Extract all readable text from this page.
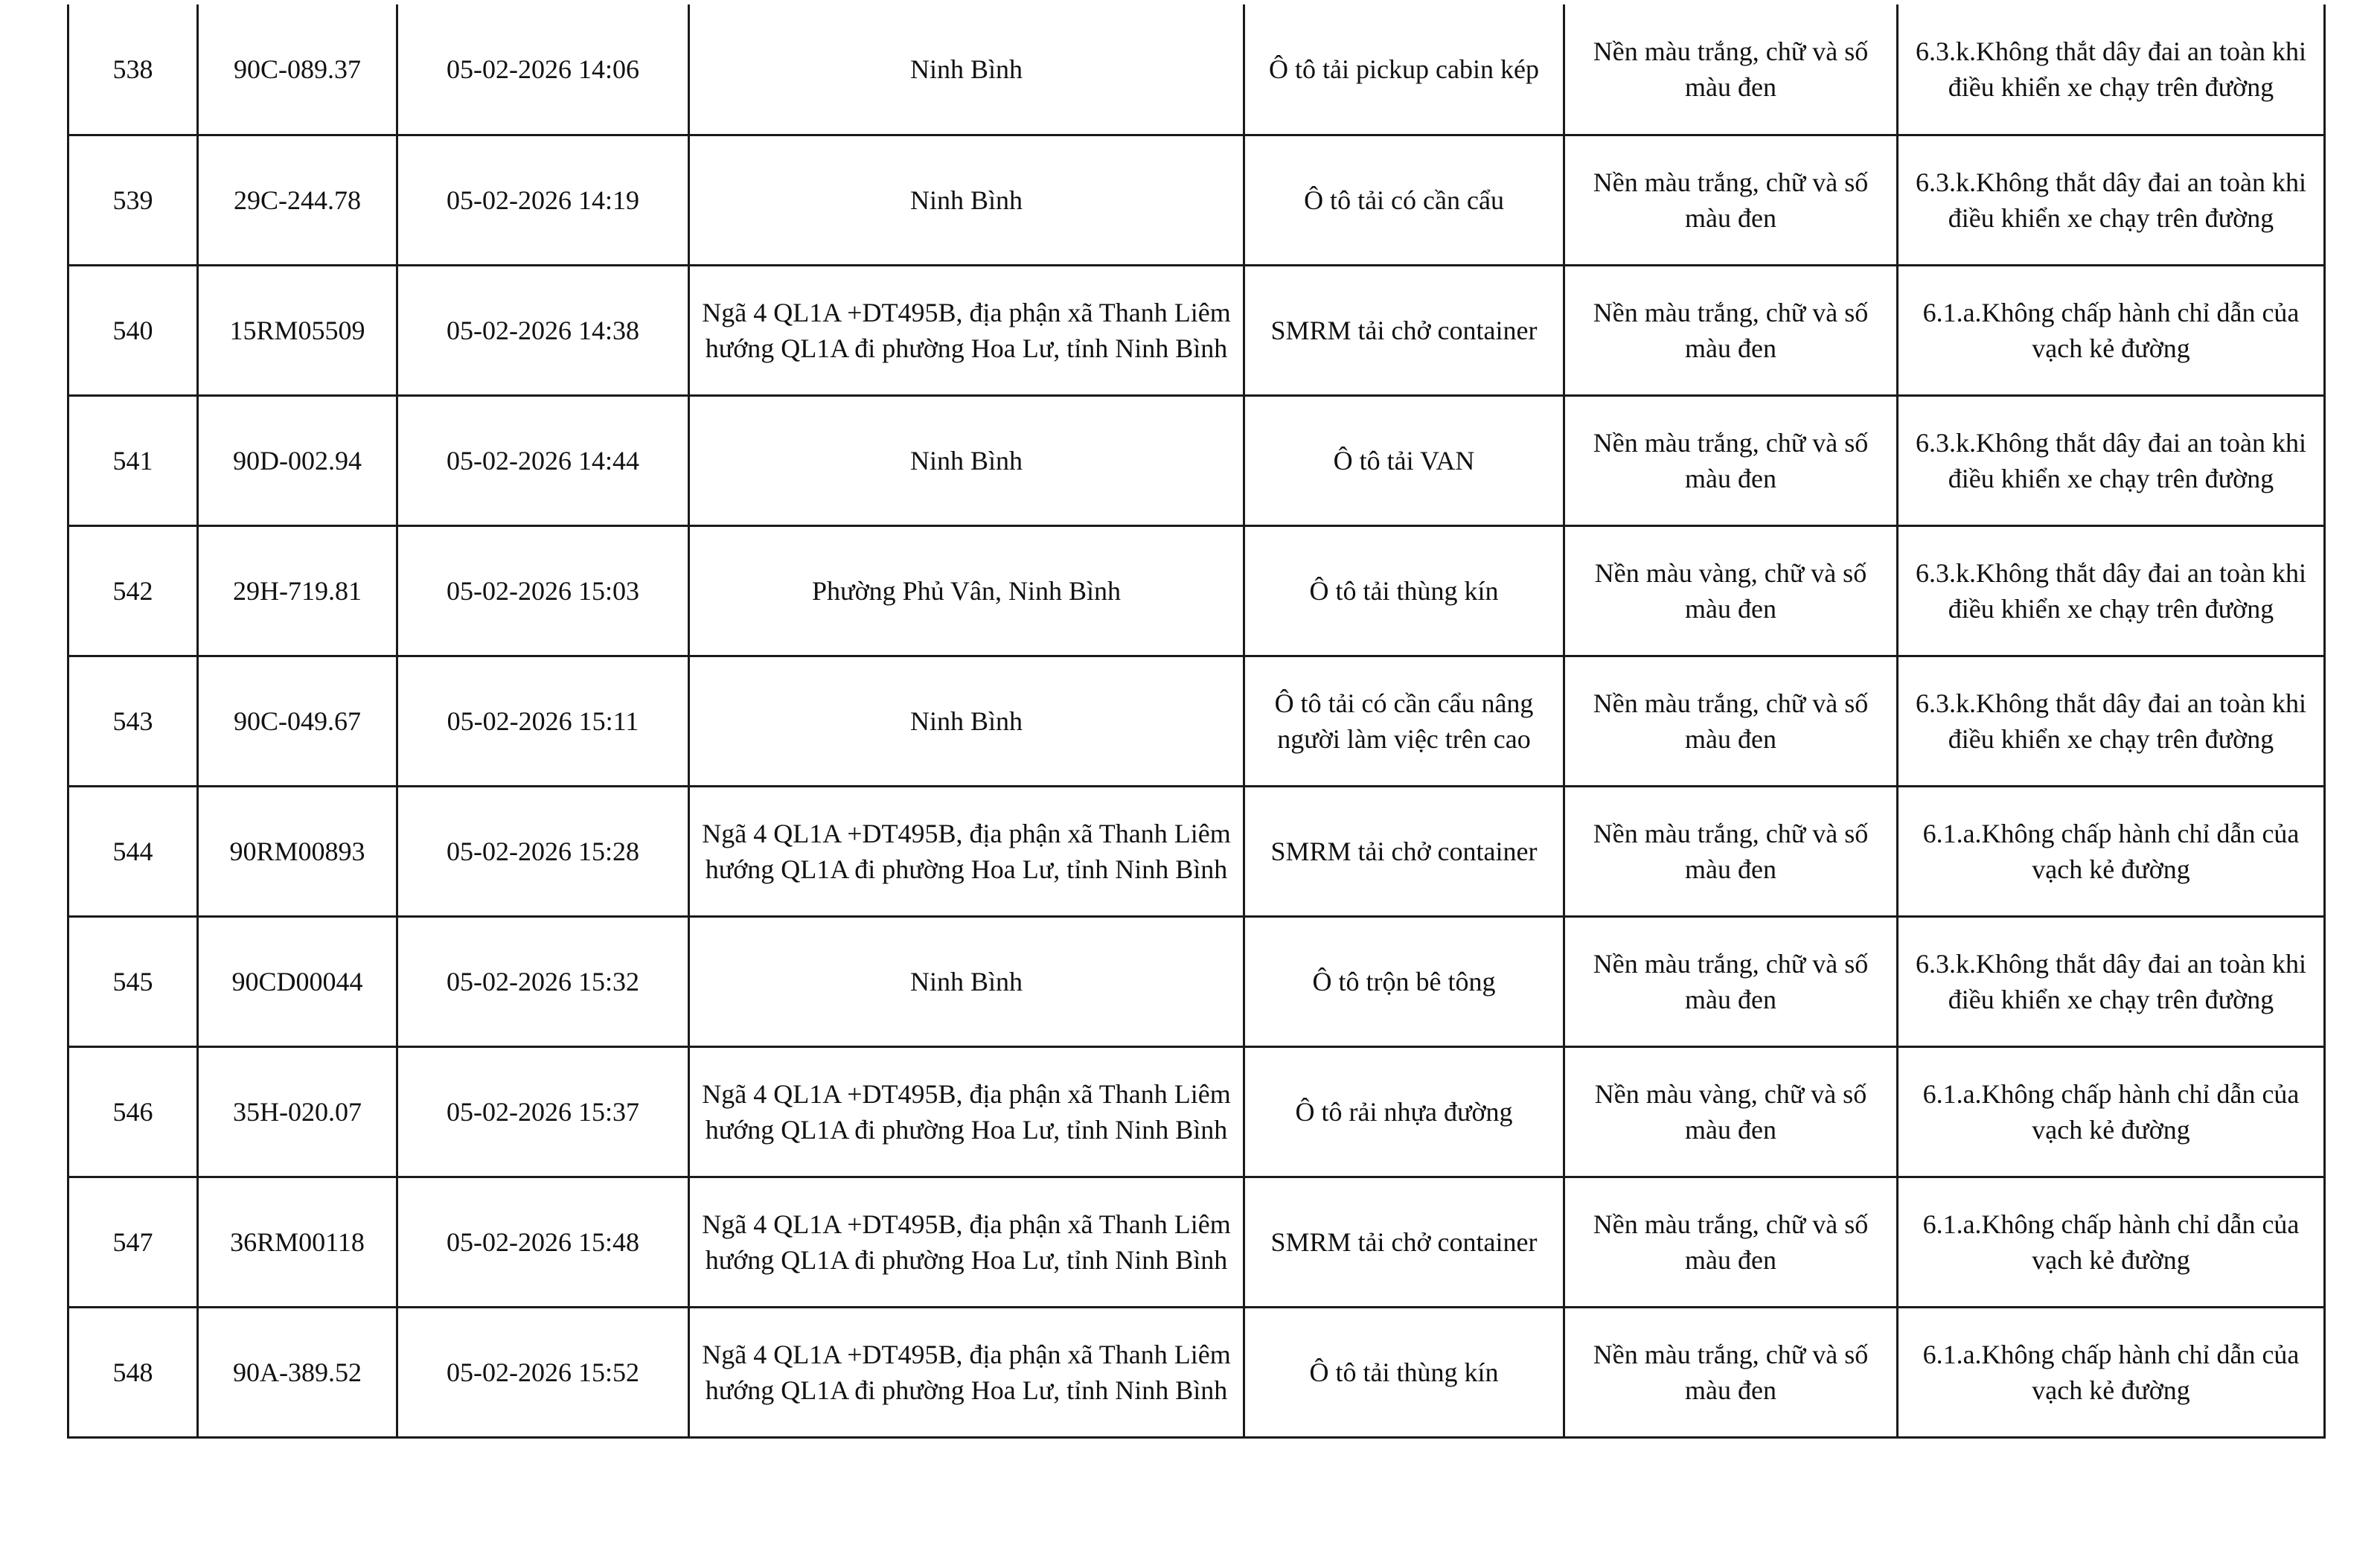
538	90C-089.37	05-02-2026 14:06	Ninh Bình	Ô tô tải pickup cabin kép	Nền màu trắng, chữ và số màu đen	6.3.k.Không thắt dây đai an toàn khi điều khiển xe chạy trên đường
539	29C-244.78	05-02-2026 14:19	Ninh Bình	Ô tô tải có cần cẩu	Nền màu trắng, chữ và số màu đen	6.3.k.Không thắt dây đai an toàn khi điều khiển xe chạy trên đường
540	15RM05509	05-02-2026 14:38	Ngã 4 QL1A +DT495B, địa phận xã Thanh Liêm hướng QL1A đi phường Hoa Lư, tỉnh Ninh Bình	SMRM tải chở container	Nền màu trắng, chữ và số màu đen	6.1.a.Không chấp hành chỉ dẫn của vạch kẻ đường
541	90D-002.94	05-02-2026 14:44	Ninh Bình	Ô tô tải VAN	Nền màu trắng, chữ và số màu đen	6.3.k.Không thắt dây đai an toàn khi điều khiển xe chạy trên đường
542	29H-719.81	05-02-2026 15:03	Phường Phủ Vân, Ninh Bình	Ô tô tải thùng kín	Nền màu vàng, chữ và số màu đen	6.3.k.Không thắt dây đai an toàn khi điều khiển xe chạy trên đường
543	90C-049.67	05-02-2026 15:11	Ninh Bình	Ô tô tải có cần cẩu nâng người làm việc trên cao	Nền màu trắng, chữ và số màu đen	6.3.k.Không thắt dây đai an toàn khi điều khiển xe chạy trên đường
544	90RM00893	05-02-2026 15:28	Ngã 4 QL1A +DT495B, địa phận xã Thanh Liêm hướng QL1A đi phường Hoa Lư, tỉnh Ninh Bình	SMRM tải chở container	Nền màu trắng, chữ và số màu đen	6.1.a.Không chấp hành chỉ dẫn của vạch kẻ đường
545	90CD00044	05-02-2026 15:32	Ninh Bình	Ô tô trộn bê tông	Nền màu trắng, chữ và số màu đen	6.3.k.Không thắt dây đai an toàn khi điều khiển xe chạy trên đường
546	35H-020.07	05-02-2026 15:37	Ngã 4 QL1A +DT495B, địa phận xã Thanh Liêm hướng QL1A đi phường Hoa Lư, tỉnh Ninh Bình	Ô tô rải nhựa đường	Nền màu vàng, chữ và số màu đen	6.1.a.Không chấp hành chỉ dẫn của vạch kẻ đường
547	36RM00118	05-02-2026 15:48	Ngã 4 QL1A +DT495B, địa phận xã Thanh Liêm hướng QL1A đi phường Hoa Lư, tỉnh Ninh Bình	SMRM tải chở container	Nền màu trắng, chữ và số màu đen	6.1.a.Không chấp hành chỉ dẫn của vạch kẻ đường
548	90A-389.52	05-02-2026 15:52	Ngã 4 QL1A +DT495B, địa phận xã Thanh Liêm hướng QL1A đi phường Hoa Lư, tỉnh Ninh Bình	Ô tô tải thùng kín	Nền màu trắng, chữ và số màu đen	6.1.a.Không chấp hành chỉ dẫn của vạch kẻ đường
